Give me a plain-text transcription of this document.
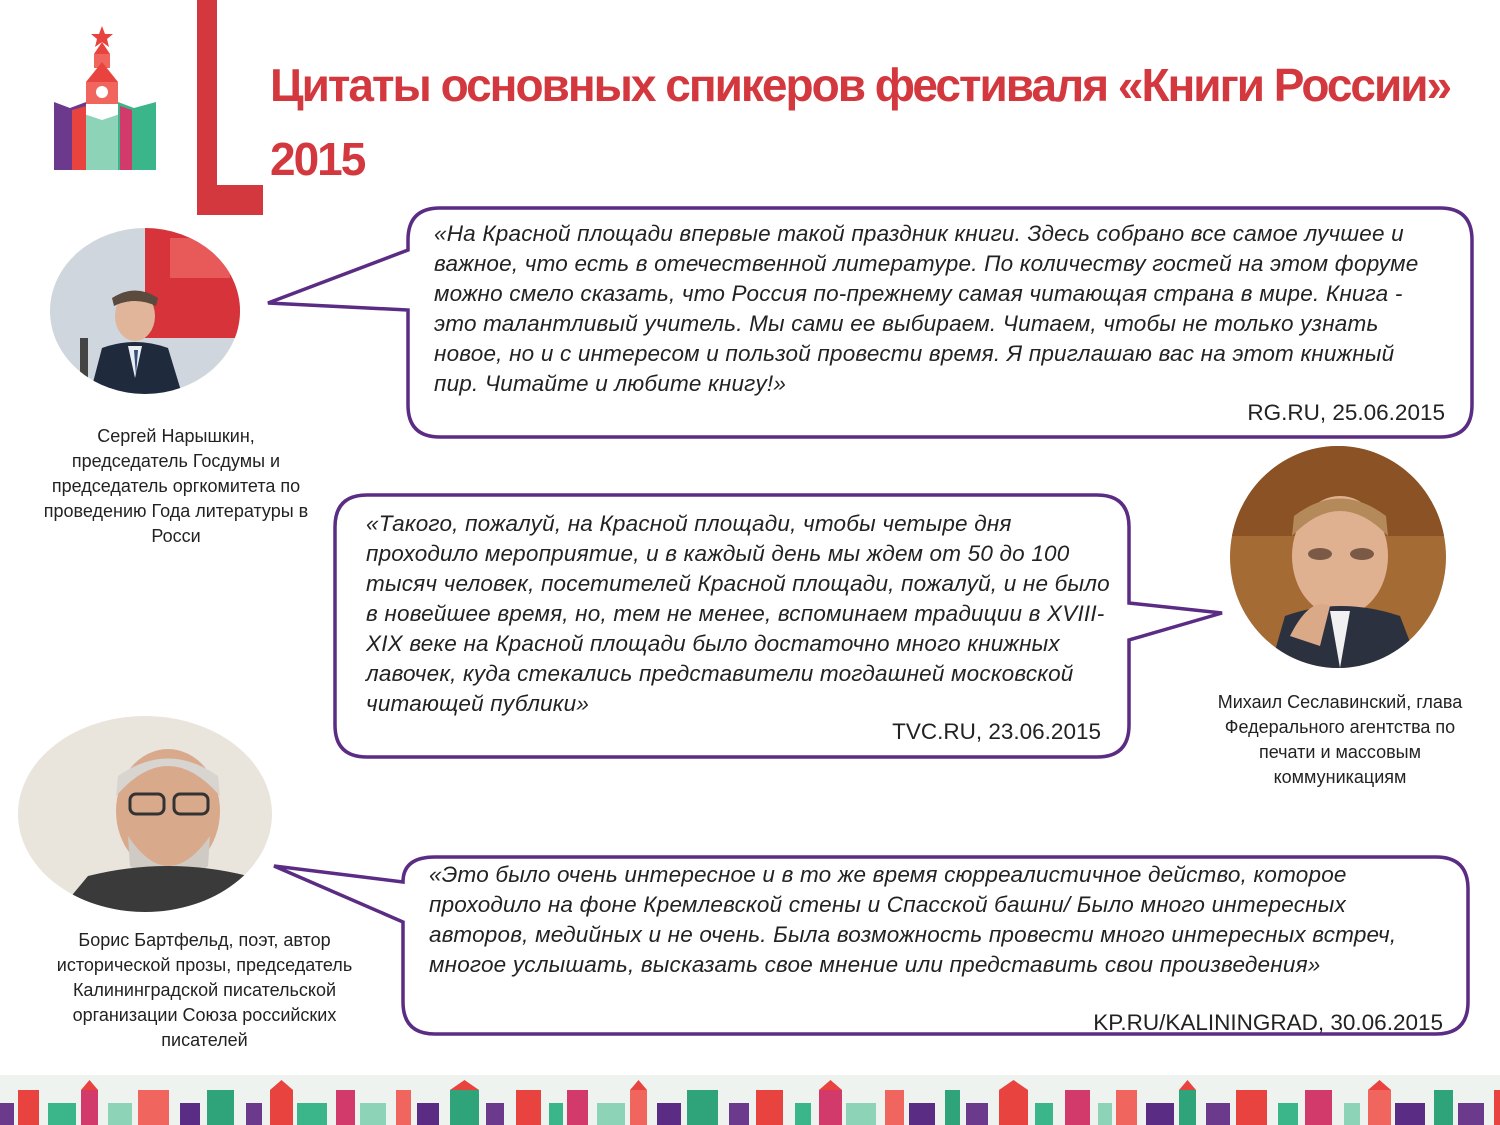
Цитаты основных спикеров фестиваля «Книги России» 2015

«На Красной площади впервые такой праздник книги. Здесь собрано все самое лучшее и важное, что есть в отечественной литературе. По количеству гостей на этом форуме можно смело сказать, что Россия по-прежнему самая читающая страна в мире. Книга - это талантливый учитель. Мы сами ее выбираем. Читаем, чтобы не только узнать новое, но и с интересом и пользой провести время. Я приглашаю вас на этот книжный пир. Читайте и любите книгу!»

RG.RU, 25.06.2015

«Такого, пожалуй, на Красной площади, чтобы четыре дня проходило мероприятие, и в каждый день мы ждем от 50 до 100 тысяч человек, посетителей Красной площади, пожалуй, и не было в новейшее время, но, тем не менее, вспоминаем традиции в XVIII-XIX веке на Красной площади было достаточно много книжных лавочек, куда стекались представители тогдашней московской читающей публики»

TVC.RU, 23.06.2015

«Это было очень интересное и в то же время сюрреалистичное действо, которое проходило на фоне Кремлевской стены и Спасской башни/ Было много интересных авторов, медийных и не очень. Была возможность провести много интересных встреч, многое услышать, высказать свое мнение или представить свои произведения»

KP.RU/KALININGRAD, 30.06.2015

Сергей Нарышкин, председатель Госдумы и председатель оргкомитета по проведению Года литературы в Росси

Михаил Сеславинский, глава Федерального агентства по печати и массовым коммуникациям

Борис Бартфельд, поэт, автор исторической прозы, председатель Калининградской писательской организации Союза российских писателей
